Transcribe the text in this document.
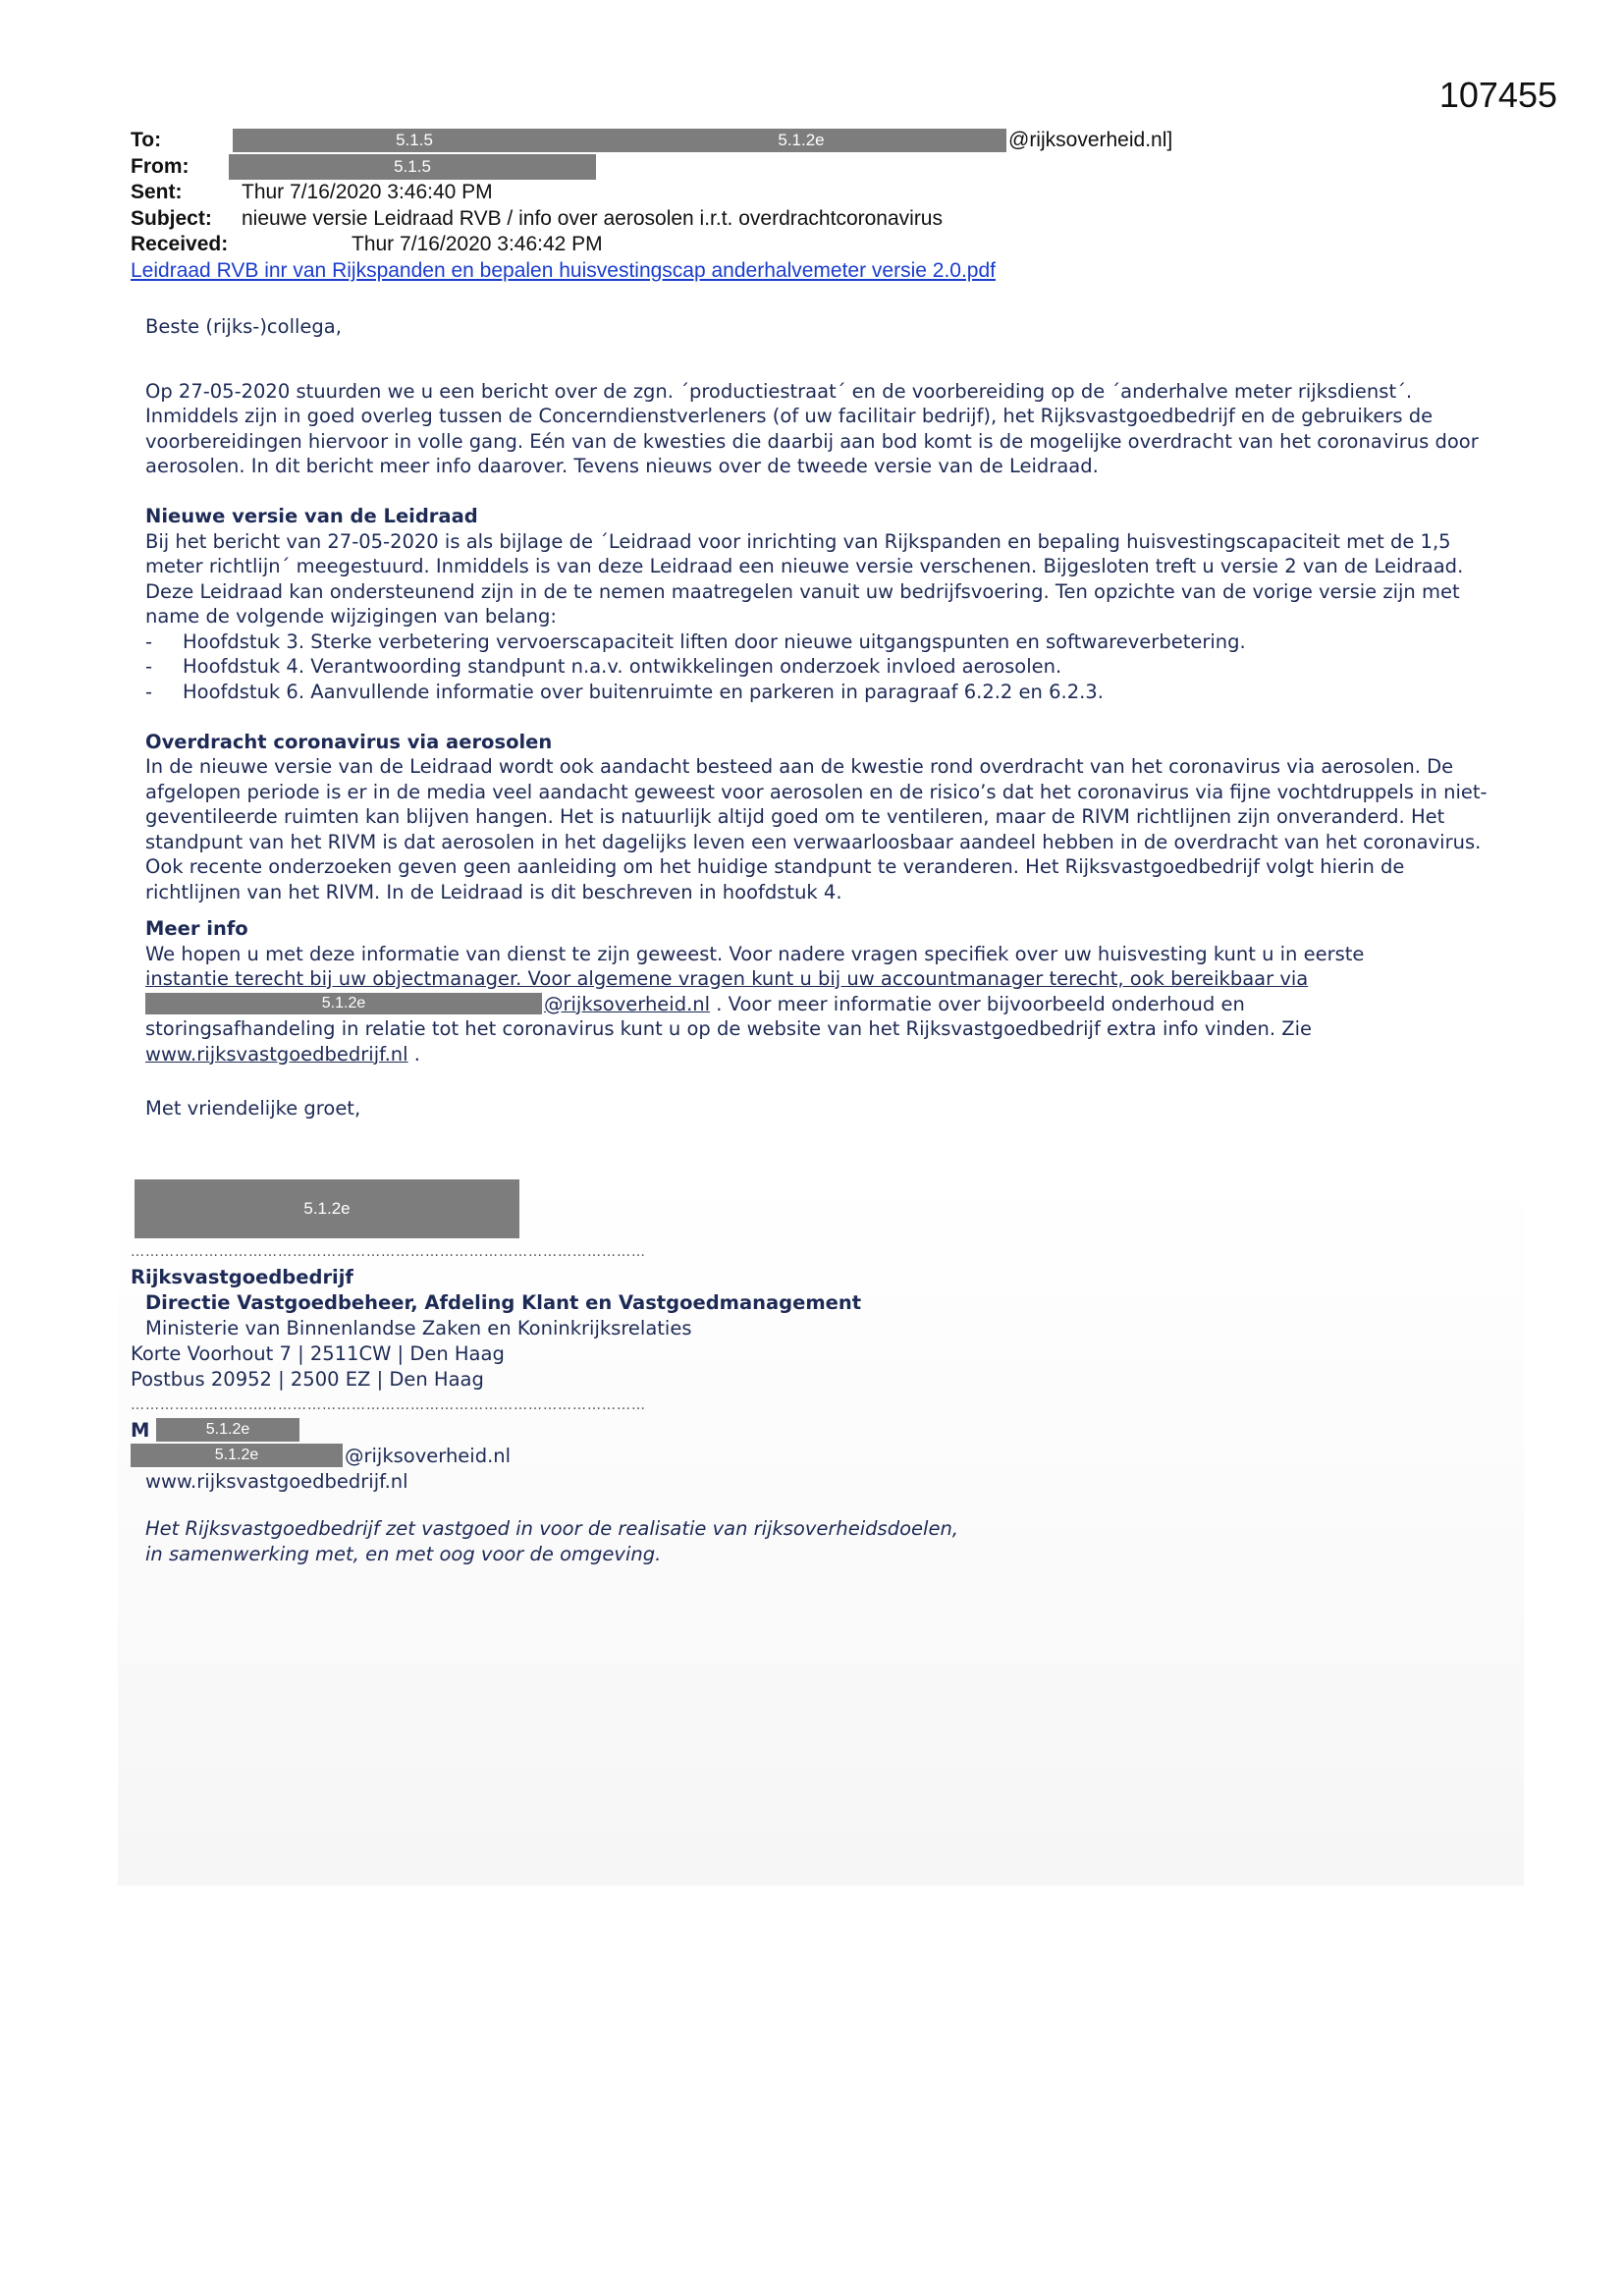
107455
To:	5.1.5	5.1.2e	@rijksoverheid.nl]
From:	5.1.5
Sent:	Thur 7/16/2020 3:46:40 PM
Subject: nieuwe versie Leidraad RVB / info over aerosolen i.r.t. overdrachtcoronavirus
Received:	Thur 7/16/2020 3:46:42 PM
Leidraad RVB inr van Rijkspanden en bepalen huisvestingscap anderhalvemeter versie 2.0.pdf

Beste (rijks-)collega,

Op 27-05-2020 stuurden we u een bericht over de zgn. ´productiestraat´ en de voorbereiding op de ´anderhalve meter rijksdienst´. Inmiddels zijn in goed overleg tussen de Concerndienstverleners (of uw facilitair bedrijf), het Rijksvastgoedbedrijf en de gebruikers de voorbereidingen hiervoor in volle gang. Eén van de kwesties die daarbij aan bod komt is de mogelijke overdracht van het coronavirus door aerosolen. In dit bericht meer info daarover. Tevens nieuws over de tweede versie van de Leidraad.

Nieuwe versie van de Leidraad

Bij het bericht van 27-05-2020 is als bijlage de ´Leidraad voor inrichting van Rijkspanden en bepaling huisvestingscapaciteit met de 1,5 meter richtlijn´ meegestuurd. Inmiddels is van deze Leidraad een nieuwe versie verschenen. Bijgesloten treft u versie 2 van de Leidraad. Deze Leidraad kan ondersteunend zijn in de te nemen maatregelen vanuit uw bedrijfsvoering. Ten opzichte van de vorige versie zijn met name de volgende wijzigingen van belang:

-	Hoofdstuk 3. Sterke verbetering vervoerscapaciteit liften door nieuwe uitgangspunten en softwareverbetering.
-	Hoofdstuk 4. Verantwoording standpunt n.a.v. ontwikkelingen onderzoek invloed aerosolen.
-	Hoofdstuk 6. Aanvullende informatie over buitenruimte en parkeren in paragraaf 6.2.2 en 6.2.3.

Overdracht coronavirus via aerosolen

In de nieuwe versie van de Leidraad wordt ook aandacht besteed aan de kwestie rond overdracht van het coronavirus via aerosolen. De afgelopen periode is er in de media veel aandacht geweest voor aerosolen en de risico’s dat het coronavirus via fijne vochtdruppels in niet-geventileerde ruimten kan blijven hangen. Het is natuurlijk altijd goed om te ventileren, maar de RIVM richtlijnen zijn onveranderd. Het standpunt van het RIVM is dat aerosolen in het dagelijks leven een verwaarloosbaar aandeel hebben in de overdracht van het coronavirus. Ook recente onderzoeken geven geen aanleiding om het huidige standpunt te veranderen. Het Rijksvastgoedbedrijf volgt hierin de richtlijnen van het RIVM. In de Leidraad is dit beschreven in hoofdstuk 4.

Meer info

We hopen u met deze informatie van dienst te zijn geweest. Voor nadere vragen specifiek over uw huisvesting kunt u in eerste

instantie terecht bij uw objectmanager. Voor algemene vragen kunt u bij uw accountmanager terecht, ook bereikbaar via

5.1.2e	@rijksoverheid.nl . Voor meer informatie over bijvoorbeeld onderhoud en

storingsafhandeling in relatie tot het coronavirus kunt u op de website van het Rijksvastgoedbedrijf extra info vinden. Zie

www.rijksvastgoedbedrijf.nl .

Met vriendelijke groet,

5.1.2e
……………………………………………………………………………………………
Rijksvastgoedbedrijf
Directie Vastgoedbeheer, Afdeling Klant en Vastgoedmanagement
Ministerie van Binnenlandse Zaken en Koninkrijksrelaties
Korte Voorhout 7 | 2511CW | Den Haag
Postbus 20952 | 2500 EZ | Den Haag
……………………………………………………………………………………………
M	5.1.2e
5.1.2e	@rijksoverheid.nl
www.rijksvastgoedbedrijf.nl
Het Rijksvastgoedbedrijf zet vastgoed in voor de realisatie van rijksoverheidsdoelen,
in samenwerking met, en met oog voor de omgeving.
